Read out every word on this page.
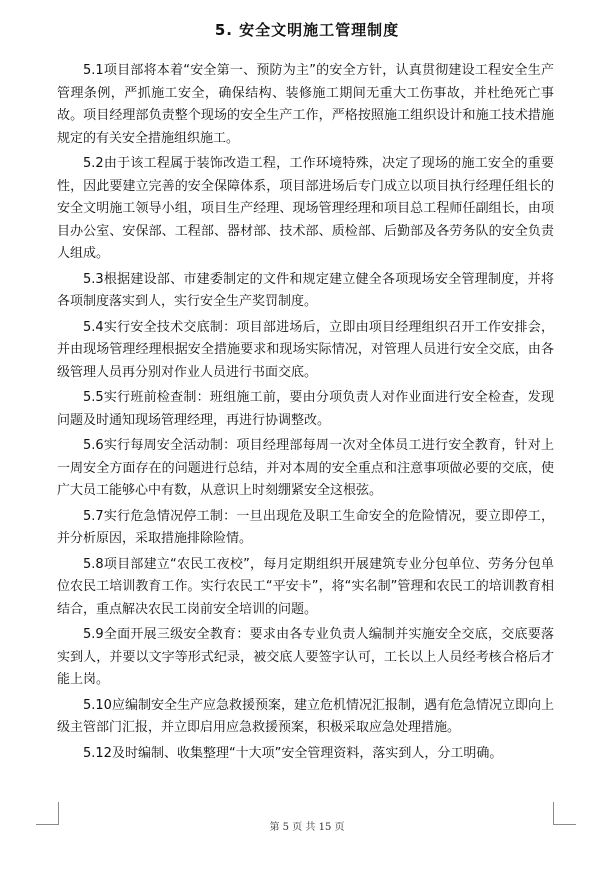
5. 安全文明施工管理制度

5.1项目部将本着“安全第一、预防为主”的安全方针，认真贯彻建设工程安全生产管理条例，严抓施工安全，确保结构、装修施工期间无重大工伤事故，并杜绝死亡事故。项目经理部负责整个现场的安全生产工作，严格按照施工组织设计和施工技术措施规定的有关安全措施组织施工。

5.2由于该工程属于装饰改造工程，工作环境特殊，决定了现场的施工安全的重要性，因此要建立完善的安全保障体系，项目部进场后专门成立以项目执行经理任组长的安全文明施工领导小组，项目生产经理、现场管理经理和项目总工程师任副组长，由项目办公室、安保部、工程部、器材部、技术部、质检部、后勤部及各劳务队的安全负责人组成。

5.3根据建设部、市建委制定的文件和规定建立健全各项现场安全管理制度，并将各项制度落实到人，实行安全生产奖罚制度。

5.4实行安全技术交底制：项目部进场后，立即由项目经理组织召开工作安排会，并由现场管理经理根据安全措施要求和现场实际情况，对管理人员进行安全交底，由各级管理人员再分别对作业人员进行书面交底。

5.5实行班前检查制：班组施工前，要由分项负责人对作业面进行安全检查，发现问题及时通知现场管理经理，再进行协调整改。

5.6实行每周安全活动制：项目经理部每周一次对全体员工进行安全教育，针对上一周安全方面存在的问题进行总结，并对本周的安全重点和注意事项做必要的交底，使广大员工能够心中有数，从意识上时刻绷紧安全这根弦。

5.7实行危急情况停工制：一旦出现危及职工生命安全的危险情况，要立即停工，并分析原因，采取措施排除险情。

5.8项目部建立“农民工夜校”，每月定期组织开展建筑专业分包单位、劳务分包单位农民工培训教育工作。实行农民工“平安卡”，将“实名制”管理和农民工的培训教育相结合，重点解决农民工岗前安全培训的问题。

5.9全面开展三级安全教育：要求由各专业负责人编制并实施安全交底，交底要落实到人，并要以文字等形式纪录，被交底人要签字认可，工长以上人员经考核合格后才能上岗。

5.10应编制安全生产应急救援预案，建立危机情况汇报制，遇有危急情况立即向上级主管部门汇报，并立即启用应急救援预案，积极采取应急处理措施。

5.12及时编制、收集整理“十大项”安全管理资料，落实到人，分工明确。

第 5 页 共 15 页
